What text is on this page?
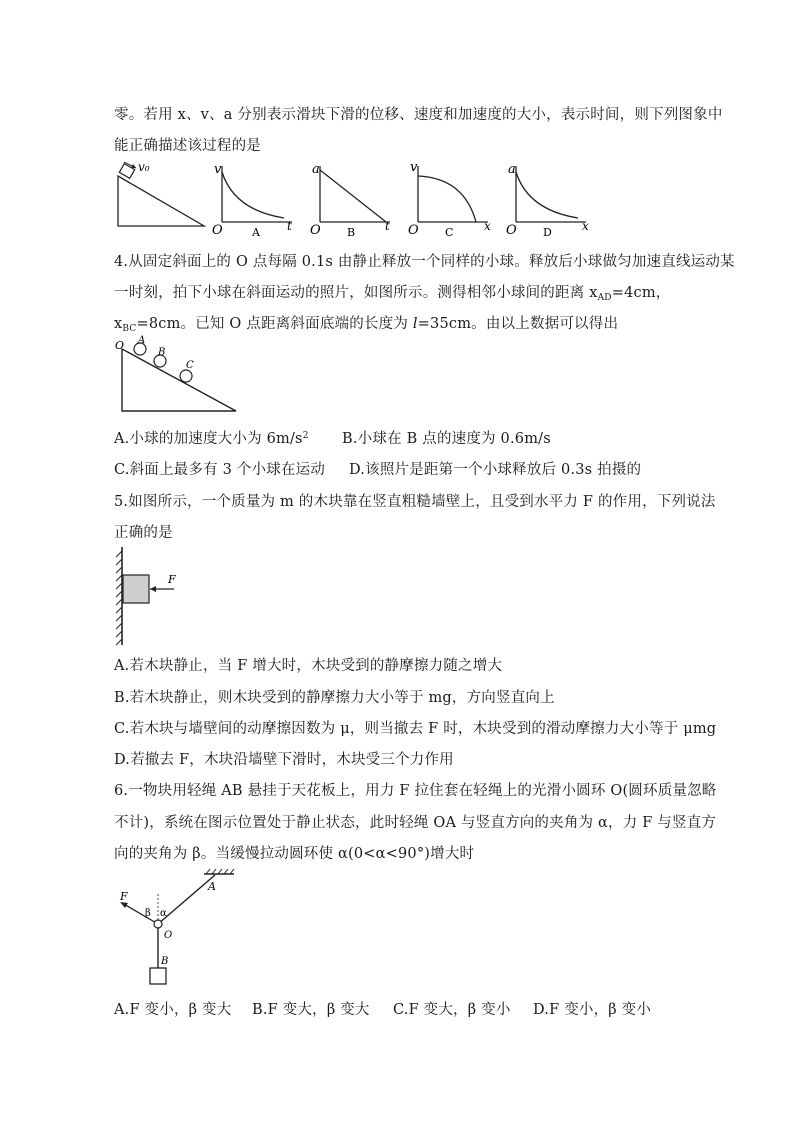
零。若用 x、v、a 分别表示滑块下滑的位移、速度和加速度的大小，表示时间，则下列图象中
能正确描述该过程的是
v₀	v
O	t
A
a
O	t
B
v
O	x
C
a
O	x
D
4.从固定斜面上的 O 点每隔 0.1s 由静止释放一个同样的小球。释放后小球做匀加速直线运动某
一时刻，拍下小球在斜面运动的照片，如图所示。测得相邻小球间的距离 $x_{AD}=4cm$，
$x_{BC}=8cm$。已知 O 点距离斜面底端的长度为 l=35cm。由以上数据可以得出
O A
B
C
A.小球的加速度大小为 $6m/s^2$ B.小球在 B 点的速度为 0.6m/s
C.斜面上最多有 3 个小球在运动 D.该照片是距第一个小球释放后 0.3s 拍摄的
5.如图所示，一个质量为 m 的木块靠在竖直粗糙墙壁上，且受到水平力 F 的作用，下列说法
正确的是
F
A.若木块静止，当 F 增大时，木块受到的静摩擦力随之增大
B.若木块静止，则木块受到的静摩擦力大小等于 mg，方向竖直向上
C.若木块与墙壁间的动摩擦因数为 μ，则当撤去 F 时，木块受到的滑动摩擦力大小等于 μmg
D.若撤去 F，木块沿墙壁下滑时，木块受三个力作用
6.一物块用轻绳 AB 悬挂于天花板上，用力 F 拉住套在轻绳上的光滑小圆环 O(圆环质量忽略
不计)，系统在图示位置处于静止状态，此时轻绳 OA 与竖直方向的夹角为 α，力 F 与竖直方
向的夹角为 β。当缓慢拉动圆环使 α(0<α<90°)增大时
F
A
β α
O
B
A.F 变小，β 变大 B.F 变大，β 变大 C.F 变大，β 变小 D.F 变小，β 变小
